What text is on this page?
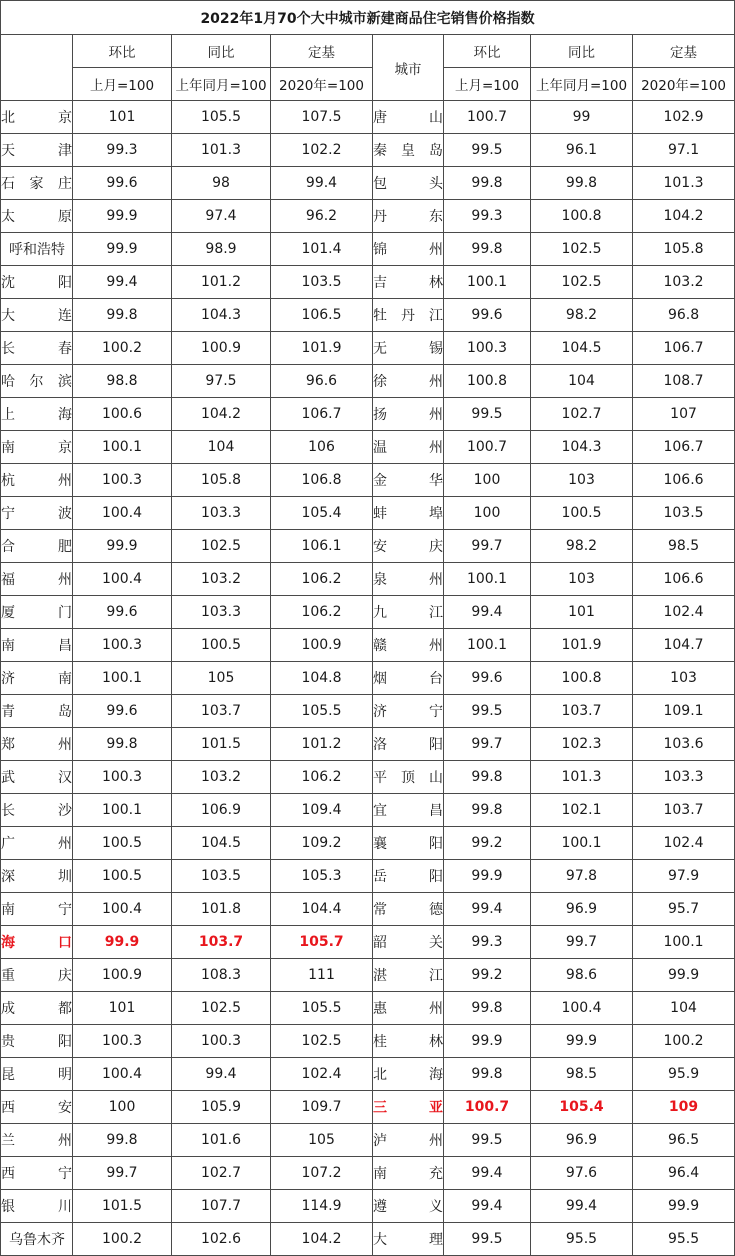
2022年1月70个大中城市新建商品住宅销售价格指数							
	环比	同比	定基	城市	环比	同比	定基
	上月=100	上年同月=100	2020年=100		上月=100	上年同月=100	2020年=100
北京	101	105.5	107.5	唐山	100.7	99	102.9
天津	99.3	101.3	102.2	秦皇岛	99.5	96.1	97.1
石家庄	99.6	98	99.4	包头	99.8	99.8	101.3
太原	99.9	97.4	96.2	丹东	99.3	100.8	104.2
呼和浩特	99.9	98.9	101.4	锦州	99.8	102.5	105.8
沈阳	99.4	101.2	103.5	吉林	100.1	102.5	103.2
大连	99.8	104.3	106.5	牡丹江	99.6	98.2	96.8
长春	100.2	100.9	101.9	无锡	100.3	104.5	106.7
哈尔滨	98.8	97.5	96.6	徐州	100.8	104	108.7
上海	100.6	104.2	106.7	扬州	99.5	102.7	107
南京	100.1	104	106	温州	100.7	104.3	106.7
杭州	100.3	105.8	106.8	金华	100	103	106.6
宁波	100.4	103.3	105.4	蚌埠	100	100.5	103.5
合肥	99.9	102.5	106.1	安庆	99.7	98.2	98.5
福州	100.4	103.2	106.2	泉州	100.1	103	106.6
厦门	99.6	103.3	106.2	九江	99.4	101	102.4
南昌	100.3	100.5	100.9	赣州	100.1	101.9	104.7
济南	100.1	105	104.8	烟台	99.6	100.8	103
青岛	99.6	103.7	105.5	济宁	99.5	103.7	109.1
郑州	99.8	101.5	101.2	洛阳	99.7	102.3	103.6
武汉	100.3	103.2	106.2	平顶山	99.8	101.3	103.3
长沙	100.1	106.9	109.4	宜昌	99.8	102.1	103.7
广州	100.5	104.5	109.2	襄阳	99.2	100.1	102.4
深圳	100.5	103.5	105.3	岳阳	99.9	97.8	97.9
南宁	100.4	101.8	104.4	常德	99.4	96.9	95.7
海口	99.9	103.7	105.7	韶关	99.3	99.7	100.1
重庆	100.9	108.3	111	湛江	99.2	98.6	99.9
成都	101	102.5	105.5	惠州	99.8	100.4	104
贵阳	100.3	100.3	102.5	桂林	99.9	99.9	100.2
昆明	100.4	99.4	102.4	北海	99.8	98.5	95.9
西安	100	105.9	109.7	三亚	100.7	105.4	109
兰州	99.8	101.6	105	泸州	99.5	96.9	96.5
西宁	99.7	102.7	107.2	南充	99.4	97.6	96.4
银川	101.5	107.7	114.9	遵义	99.4	99.4	99.9
乌鲁木齐	100.2	102.6	104.2	大理	99.5	95.5	95.5
